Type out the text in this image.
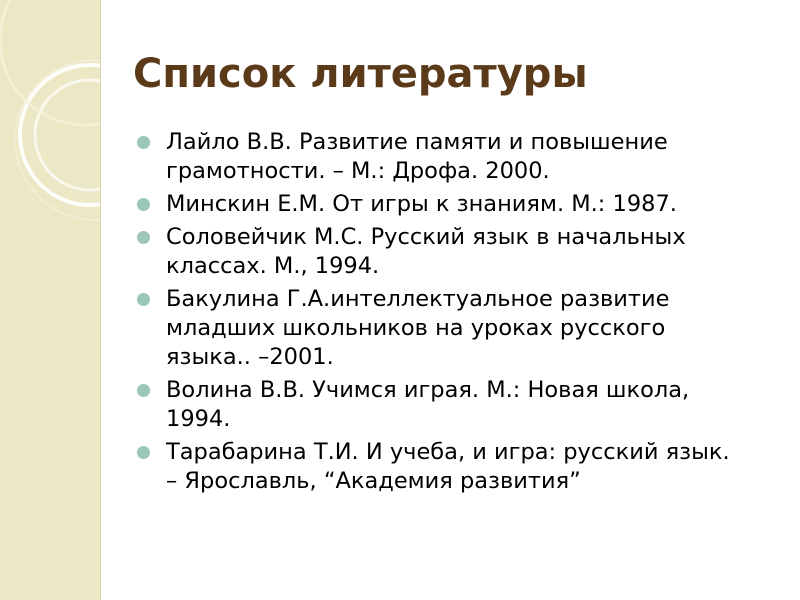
Список литературы
Лайло В.В. Развитие памяти и повышение
грамотности. – М.: Дрофа. 2000.
Минскин Е.М. От игры к знаниям. М.: 1987.
Соловейчик М.С. Русский язык в начальных
классах. М., 1994.
Бакулина Г.А.интеллектуальное развитие
младших школьников на уроках русского
языка.. –2001.
Волина В.В. Учимся играя. М.: Новая школа,
1994.
Тарабарина Т.И. И учеба, и игра: русский язык.
– Ярославль, “Академия развития”
